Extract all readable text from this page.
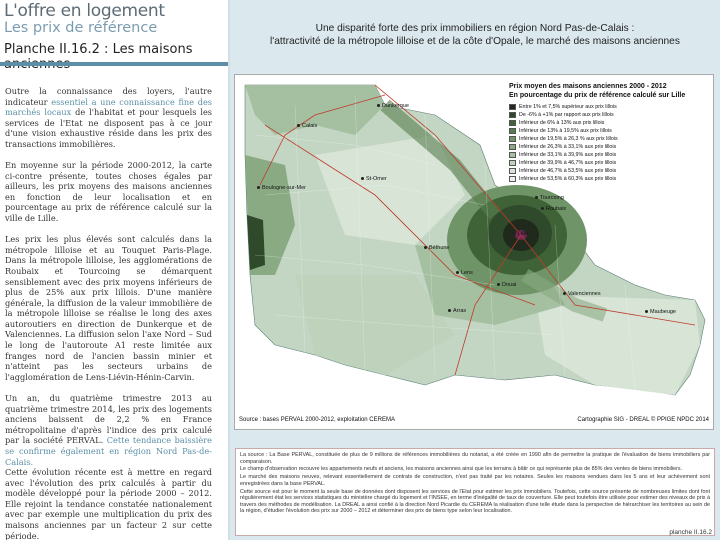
L'offre en logement
Les prix de référence
Planche II.16.2 : Les maisons

Outre la connaissance des loyers, l'autre indicateur essentiel a une connaissance fine des marchés locaux de l'habitat et pour lesquels les services de l'Etat ne disposent pas à ce jour d'une vision exhaustive réside dans les prix des transactions immobilières.

En moyenne sur la période 2000-2012, la carte ci-contre présente, toutes choses égales par ailleurs, les prix moyens des maisons anciennes en fonction de leur localisation et en pourcentage au prix de référence calculé sur la ville de Lille.

Les prix les plus élevés sont calculés dans la métropole lilloise et au Touquet Paris-Plage. Dans la métropole lilloise, les agglomérations de Roubaix et Tourcoing se démarquent sensiblement avec des prix moyens inférieurs de plus de 25% aux prix lillois. D'une manière générale, la diffusion de la valeur immobilière de la métropole lilloise se réalise le long des axes autoroutiers en direction de Dunkerque et de Valenciennes. La diffusion selon l'axe Nord – Sud le long de l'autoroute A1 reste limitée aux franges nord de l'ancien bassin minier et n'atteint pas les secteurs urbains de l'agglomération de Lens-Liévin-Hénin-Carvin.

Un an, du quatrième trimestre 2013 au quatrième trimestre 2014, les prix des logements anciens baissent de 2,2 % en France métropolitaine d'après l'indice des prix calculé par la société PERVAL. Cette tendance baissière se confirme également en région Nord Pas-de-Calais.
Cette évolution récente est à mettre en regard avec l'évolution des prix calculés à partir du modèle développé pour la période 2000 – 2012. Elle rejoint la tendance constatée nationalement avec par exemple une multiplication du prix des maisons anciennes par un facteur 2 sur cette période.

Une disparité forte des prix immobiliers en région Nord Pas-de-Calais :
l'attractivité de la métropole lilloise et de la côte d'Opale, le marché des maisons anciennes
Prix moyen des maisons anciennes 2000 - 2012
En pourcentage du prix de référence calculé sur Lille
Entre 1% et 7,5% supérieur aux prix lillois
De -6% à +1% par rapport aux prix lillois
Inférieur de 6% à 13% aux prix lillois
Inférieur de 13% à 19,5% aux prix lillois
Inférieur de 19,5% à 26,3 % aux prix lillois
Inférieur de 26,3% à 33,1% aux prix lillois
Inférieur de 33,1% à 39,9% aux prix lillois
Inférieur de 39,9% à 46,7% aux prix lillois
Inférieur de 46,7% à 53,5% aux prix lillois
Inférieur de 53,5% à 60,3% aux prix lillois
Dunkerque
Calais
St-Omer
Boulogne-sur-Mer
Tourcoing
Roubaix
Lille
Béthune
Lens
Douai
Valenciennes
Arras	Maubeuge
Source : bases PERVAL 2000-2012, exploitation CEREMA	Cartographie SIG - DREAL © PPIGE NPDC 2014

La source : La Base PERVAL, constituée de plus de 9 millions de références immobilières du notariat, a été créée en 1990 afin de permettre la pratique de l'évaluation de biens immobiliers par comparaison.

Le champ d'observation recouvre les appartements neufs et anciens, les maisons anciennes ainsi que les terrains à bâtir ce qui représente plus de 85% des ventes de biens immobiliers.

Le marché des maisons neuves, relevant essentiellement de contrats de construction, n'est pas traité par les notaires. Seules les maisons vendues dans les 5 ans et leur achèvement sont enregistrées dans la base PERVAL.

Cette source est pour le moment la seule base de données dont disposent les services de l'Etat pour estimer les prix immobiliers. Toutefois, cette source présente de nombreuses limites dont font régulièrement état les services statistiques du ministère chargé du logement et l'INSEE, en terme d'inégalité de taux de couverture. Elle peut toutefois être utilisée pour estimer des niveaux de prix à travers des méthodes de modélisation. La DREAL a ainsi confié à la direction Nord Picardie du CEREMA la réalisation d'une telle étude dans la perspective de hiérarchiser les territoires au sein de la région, d'étudier l'évolution des prix sur 2000 – 2012 et déterminer des prix de biens type selon leur localisation.

planche II.16.2
